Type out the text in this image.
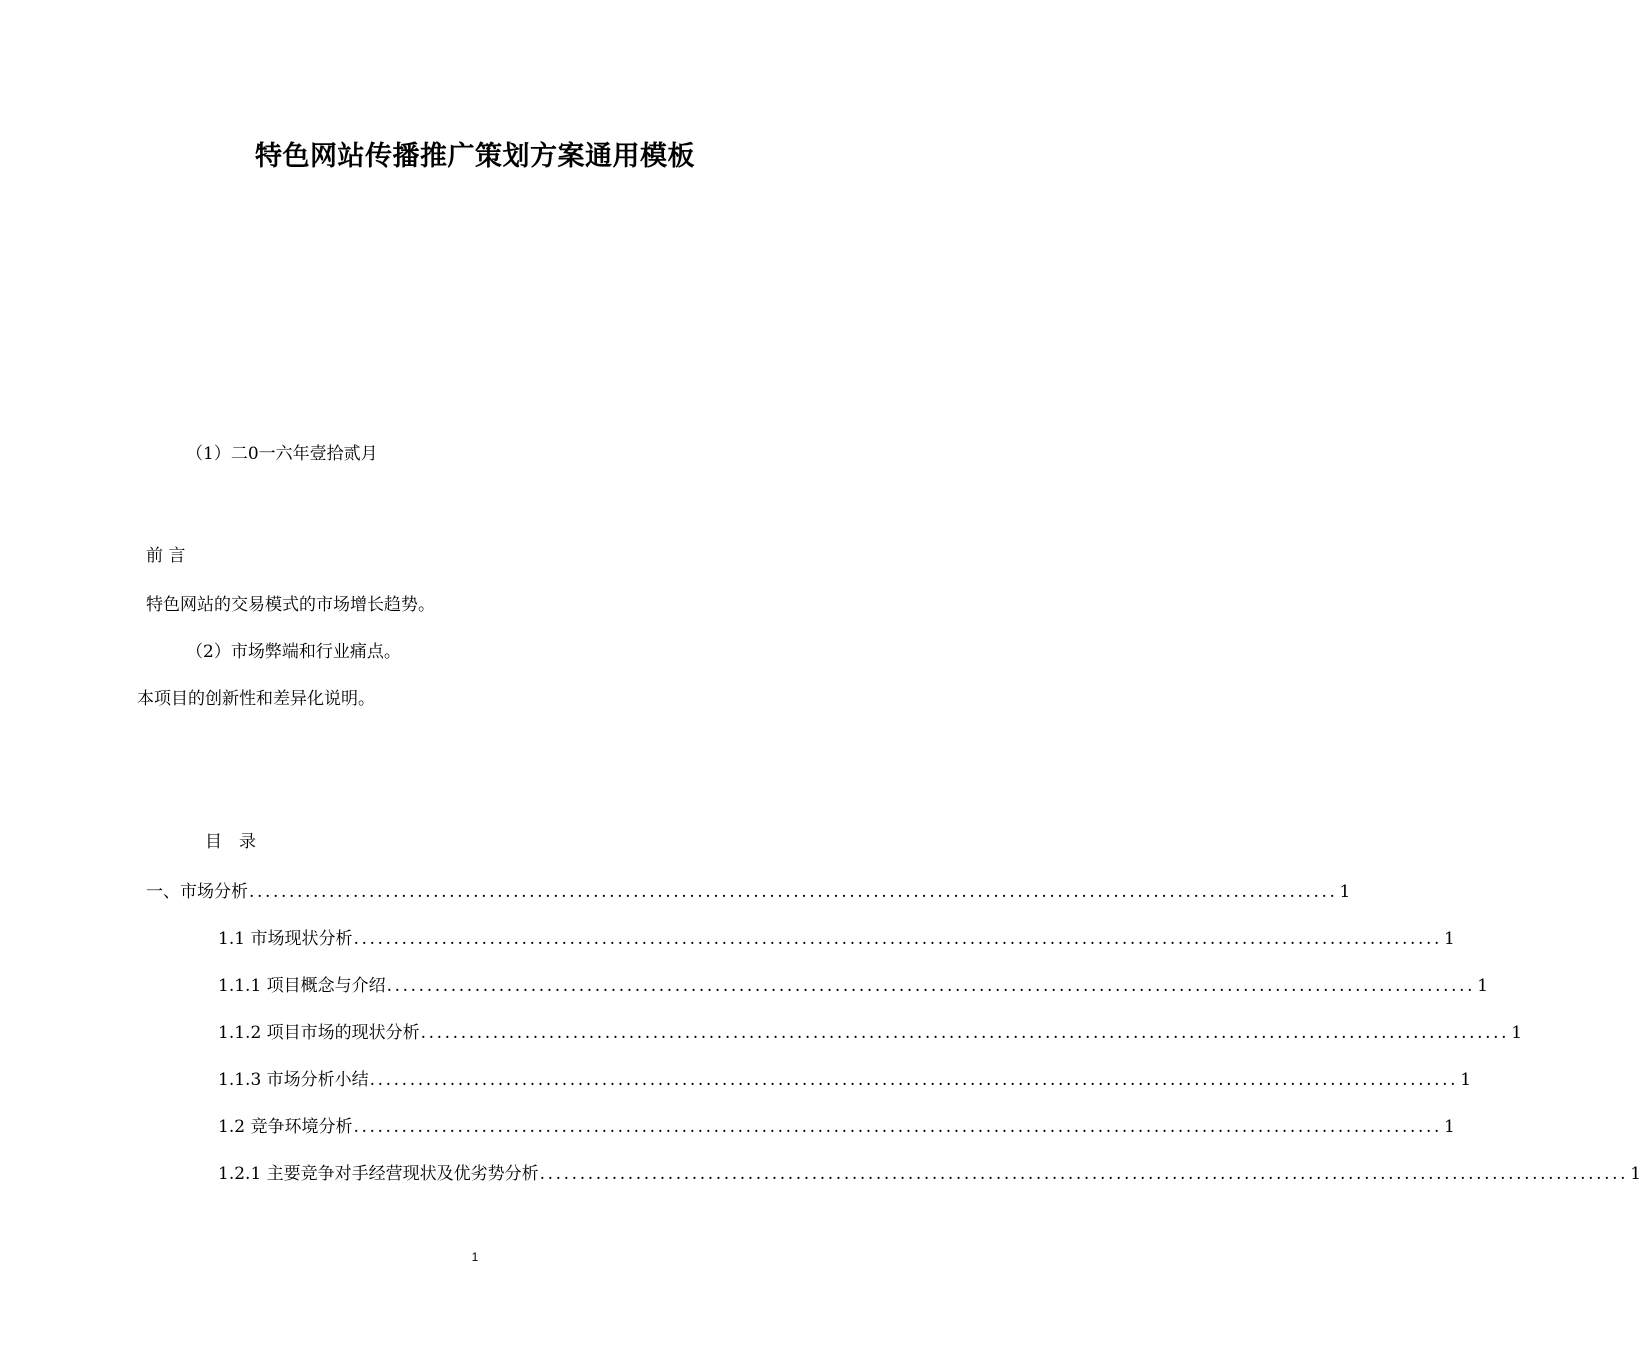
特色网站传播推广策划方案通用模板
（1）二0一六年壹拾贰月
前 言
特色网站的交易模式的市场增长趋势。
（2）市场弊端和行业痛点。
本项目的创新性和差异化说明。
目　录
一、市场分析 ........................................................................................................................................ 1
1.1 市场现状分析 ........................................................................................................................................ 1
1.1.1 项目概念与介绍 ........................................................................................................................................ 1
1.1.2 项目市场的现状分析 ........................................................................................................................................ 1
1.1.3 市场分析小结 ........................................................................................................................................ 1
1.2 竞争环境分析 ........................................................................................................................................ 1
1.2.1 主要竞争对手经营现状及优劣势分析 ........................................................................................................................................ 1
1
